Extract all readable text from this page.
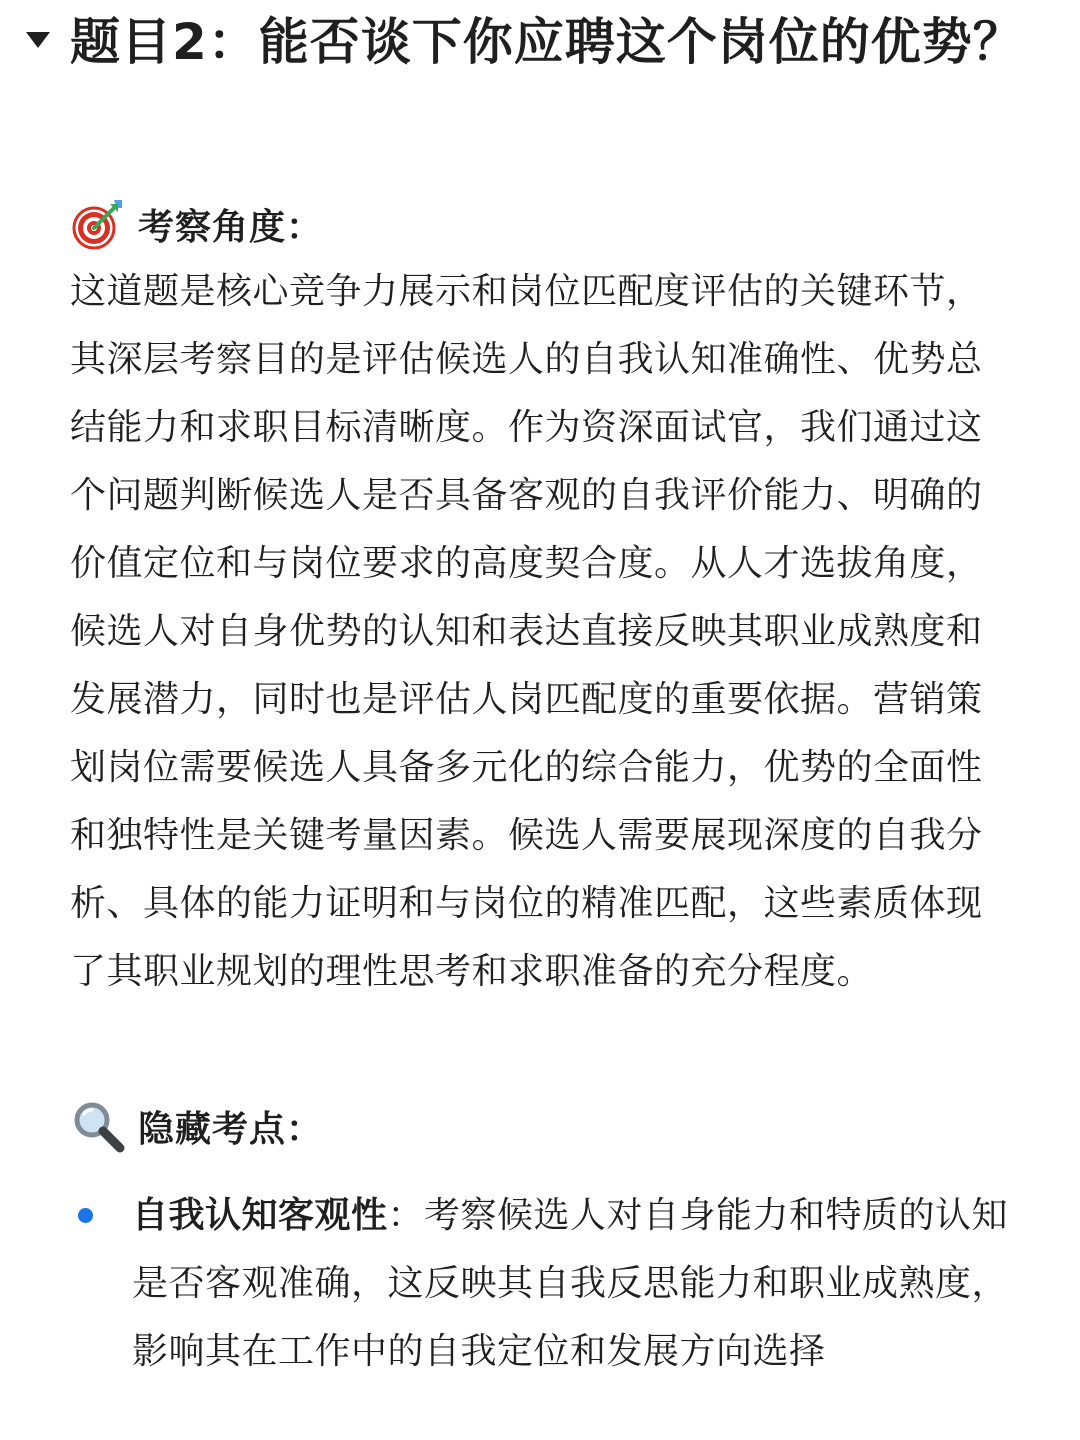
题目2：能否谈下你应聘这个岗位的优势？
考察角度：

这道题是核心竞争力展示和岗位匹配度评估的关键环节，其深层考察目的是评估候选人的自我认知准确性、优势总结能力和求职目标清晰度。作为资深面试官，我们通过这个问题判断候选人是否具备客观的自我评价能力、明确的价值定位和与岗位要求的高度契合度。从人才选拔角度，候选人对自身优势的认知和表达直接反映其职业成熟度和发展潜力，同时也是评估人岗匹配度的重要依据。营销策划岗位需要候选人具备多元化的综合能力，优势的全面性和独特性是关键考量因素。候选人需要展现深度的自我分析、具体的能力证明和与岗位的精准匹配，这些素质体现了其职业规划的理性思考和求职准备的充分程度。

隐藏考点：
自我认知客观性：考察候选人对自身能力和特质的认知是否客观准确，这反映其自我反思能力和职业成熟度，影响其在工作中的自我定位和发展方向选择
